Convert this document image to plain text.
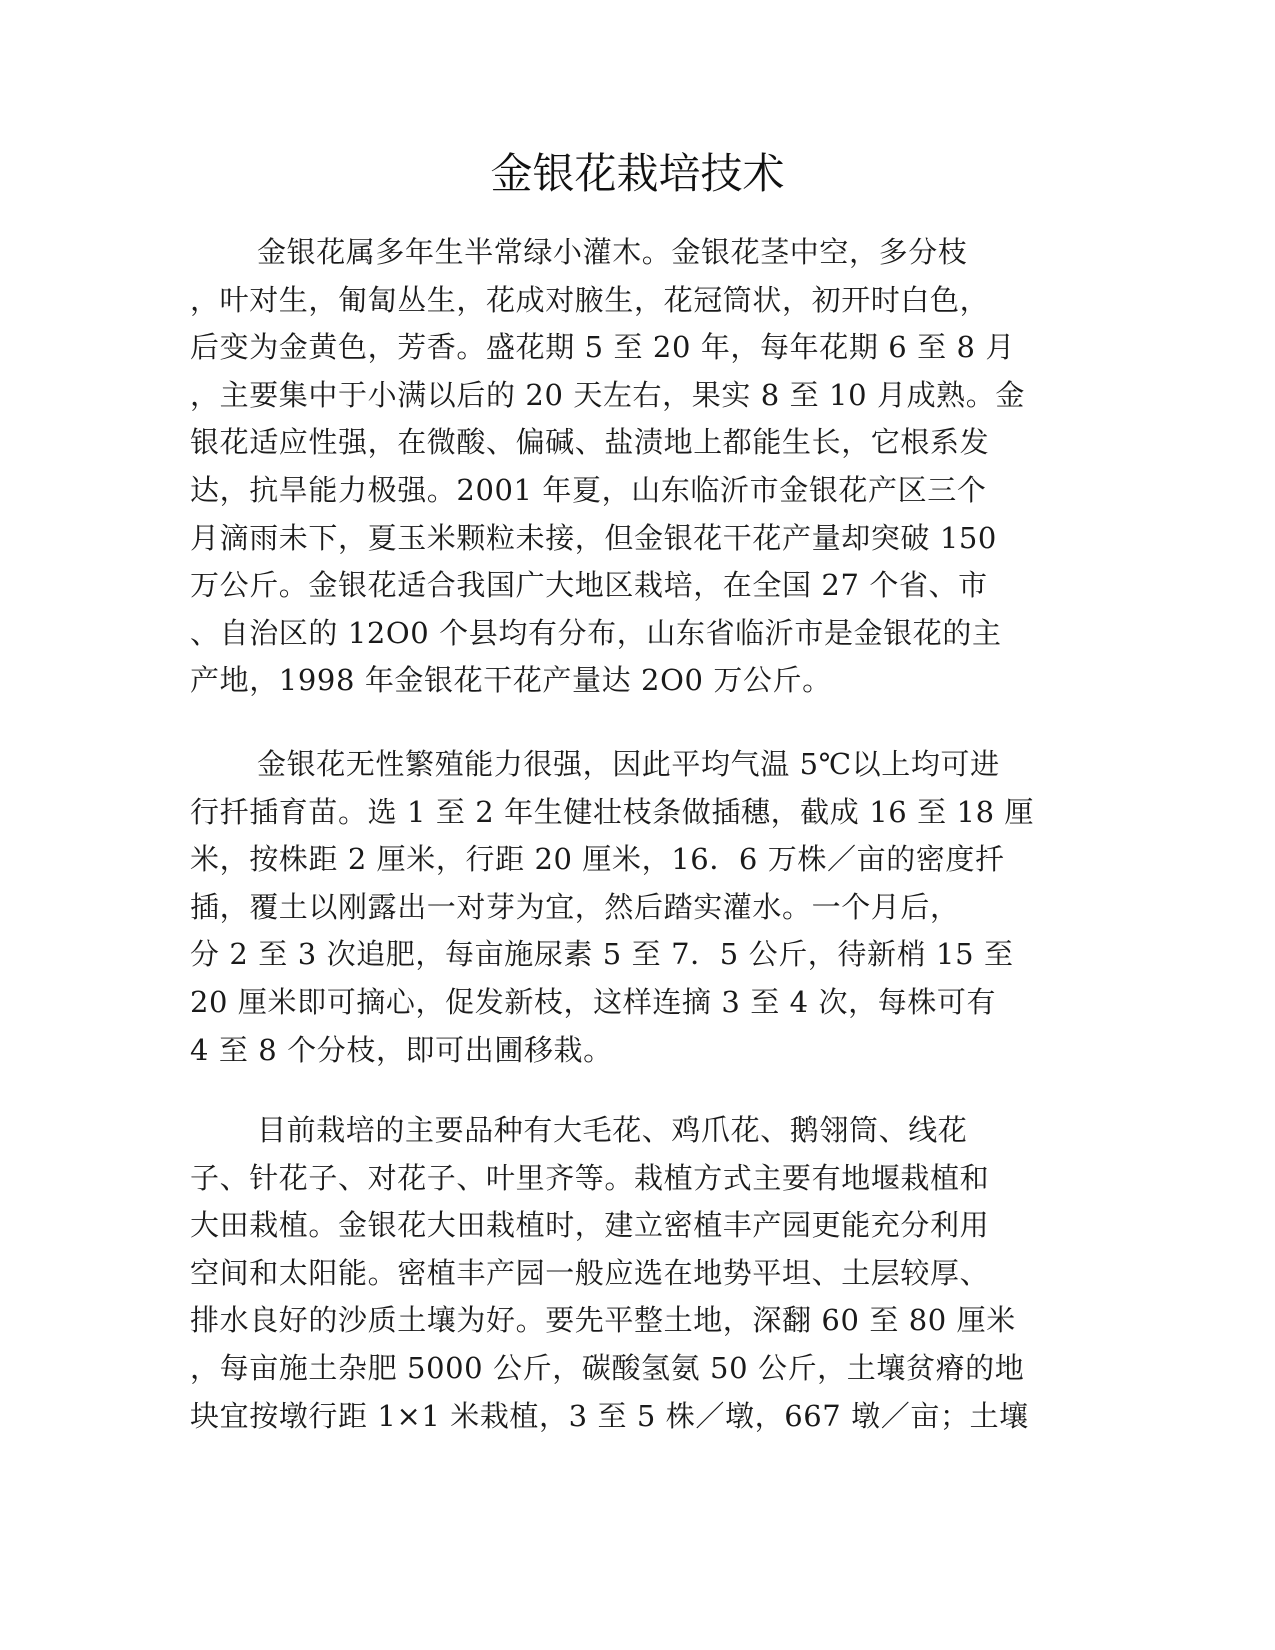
金银花栽培技术
金银花属多年生半常绿小灌木。金银花茎中空，多分枝
，叶对生，匍匐丛生，花成对腋生，花冠筒状，初开时白色，
后变为金黄色，芳香。盛花期 5 至 20 年，每年花期 6 至 8 月
，主要集中于小满以后的 20 天左右，果实 8 至 10 月成熟。金
银花适应性强，在微酸、偏碱、盐渍地上都能生长，它根系发
达，抗旱能力极强。2001 年夏，山东临沂市金银花产区三个
月滴雨未下，夏玉米颗粒未接，但金银花干花产量却突破 150
万公斤。金银花适合我国广大地区栽培，在全国 27 个省、市
、自治区的 12O0 个县均有分布，山东省临沂市是金银花的主
产地，1998 年金银花干花产量达 2O0 万公斤。
金银花无性繁殖能力很强，因此平均气温 5℃以上均可进
行扦插育苗。选 1 至 2 年生健壮枝条做插穗，截成 16 至 18 厘
米，按株距 2 厘米，行距 20 厘米，16．6 万株／亩的密度扦
插，覆土以刚露出一对芽为宜，然后踏实灌水。一个月后，
分 2 至 3 次追肥，每亩施尿素 5 至 7．5 公斤，待新梢 15 至
20 厘米即可摘心，促发新枝，这样连摘 3 至 4 次，每株可有
4 至 8 个分枝，即可出圃移栽。
目前栽培的主要品种有大毛花、鸡爪花、鹅翎筒、线花
子、针花子、对花子、叶里齐等。栽植方式主要有地堰栽植和
大田栽植。金银花大田栽植时，建立密植丰产园更能充分利用
空间和太阳能。密植丰产园一般应选在地势平坦、土层较厚、
排水良好的沙质土壤为好。要先平整土地，深翻 60 至 80 厘米
，每亩施土杂肥 5000 公斤，碳酸氢氨 50 公斤，土壤贫瘠的地
块宜按墩行距 1×1 米栽植，3 至 5 株／墩，667 墩／亩；土壤
